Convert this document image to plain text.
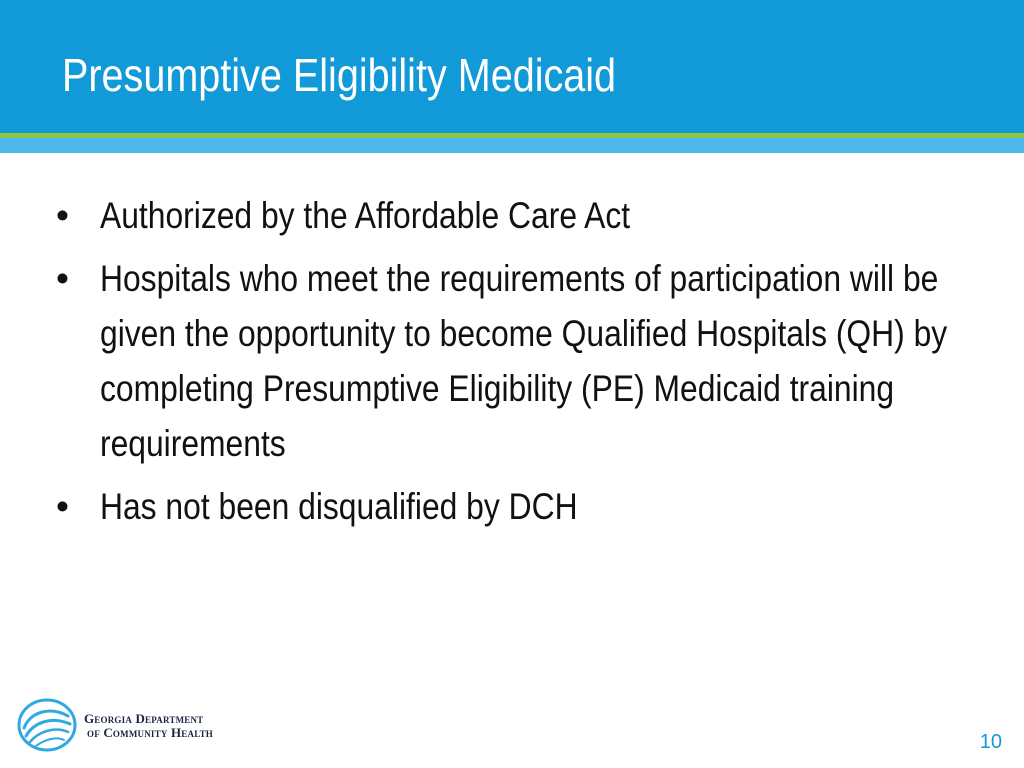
Presumptive Eligibility Medicaid
• Authorized by the Affordable Care Act
• Hospitals who meet the requirements of participation will be given the opportunity to become Qualified Hospitals (QH) by completing Presumptive Eligibility (PE) Medicaid training requirements
• Has not been disqualified by DCH
Georgia Department
of Community Health	10
